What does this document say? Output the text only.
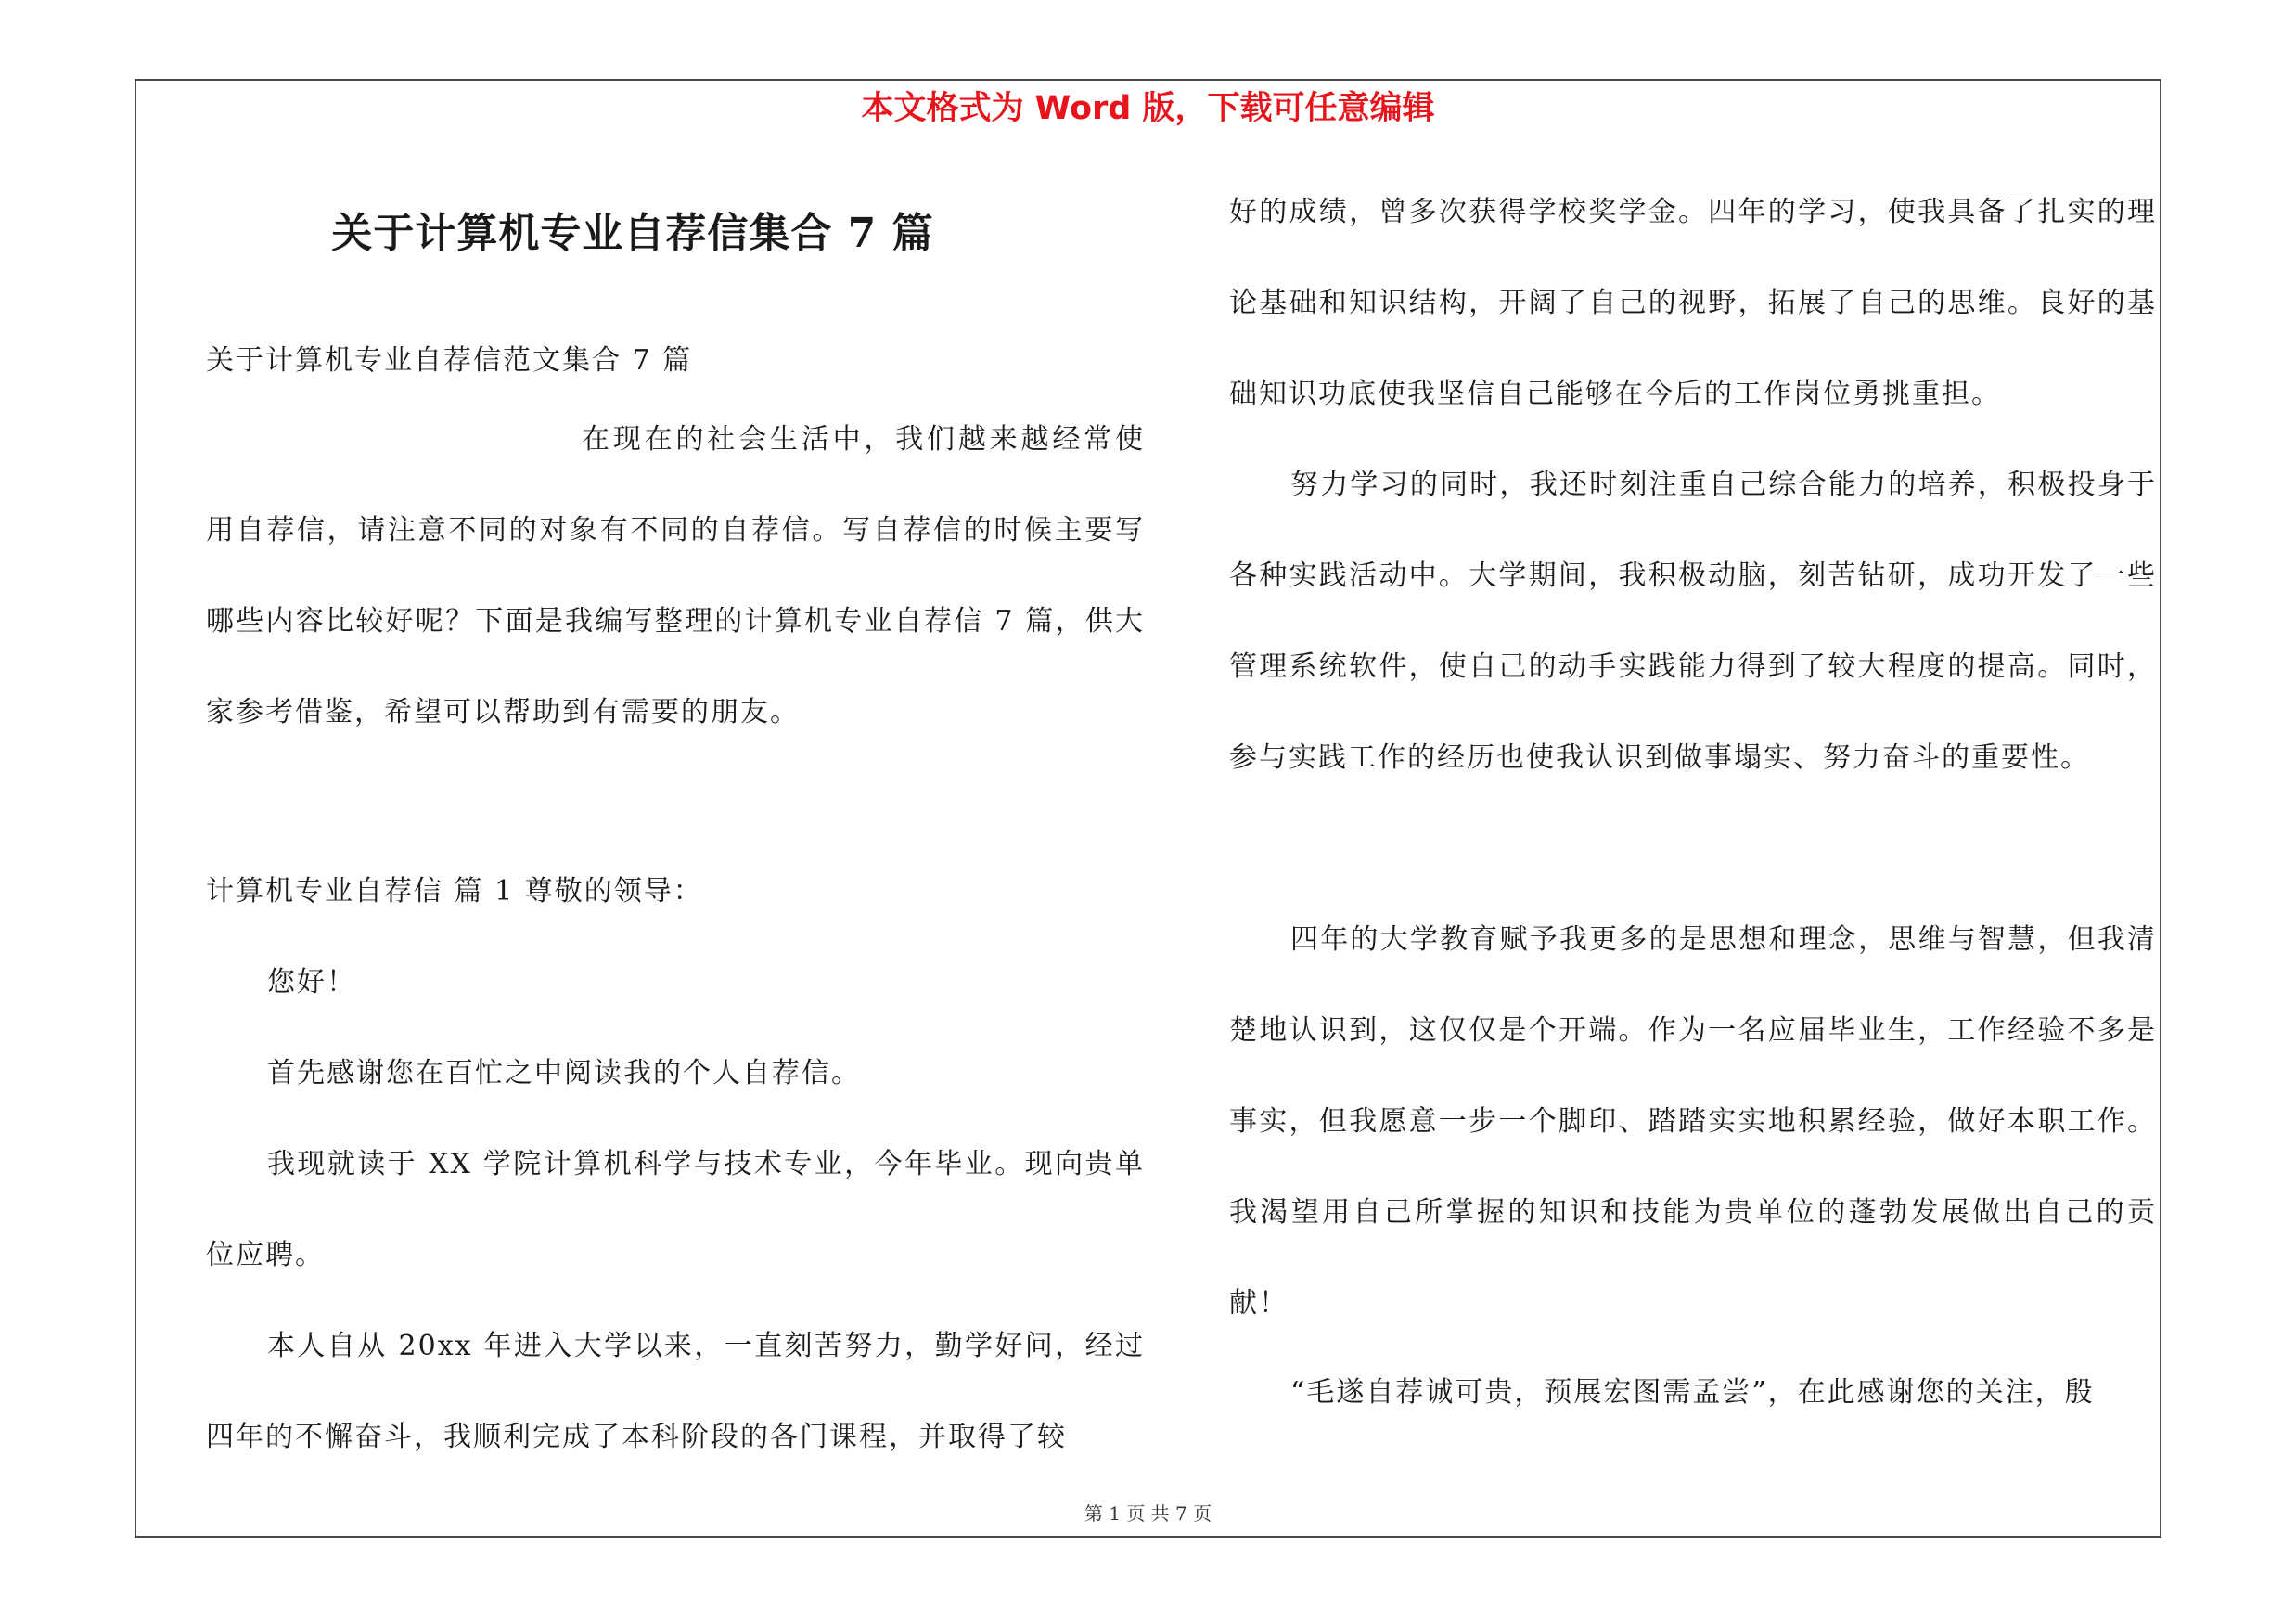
本文格式为 Word 版，下载可任意编辑
关于计算机专业自荐信集合 7 篇

关于计算机专业自荐信范文集合 7 篇

在现在的社会生活中，我们越来越经常使用自荐信，请注意不同的对象有不同的自荐信。写自荐信的时候主要写哪些内容比较好呢？下面是我编写整理的计算机专业自荐信 7 篇，供大家参考借鉴，希望可以帮助到有需要的朋友。

计算机专业自荐信 篇 1 尊敬的领导：

您好！

首先感谢您在百忙之中阅读我的个人自荐信。

我现就读于 XX 学院计算机科学与技术专业，今年毕业。现向贵单位应聘。

本人自从 20xx 年进入大学以来，一直刻苦努力，勤学好问，经过四年的不懈奋斗，我顺利完成了本科阶段的各门课程，并取得了较

好的成绩，曾多次获得学校奖学金。四年的学习，使我具备了扎实的理论基础和知识结构，开阔了自己的视野，拓展了自己的思维。良好的基础知识功底使我坚信自己能够在今后的工作岗位勇挑重担。

努力学习的同时，我还时刻注重自己综合能力的培养，积极投身于各种实践活动中。大学期间，我积极动脑，刻苦钻研，成功开发了一些管理系统软件，使自己的动手实践能力得到了较大程度的提高。同时，参与实践工作的经历也使我认识到做事塌实、努力奋斗的重要性。

四年的大学教育赋予我更多的是思想和理念，思维与智慧，但我清楚地认识到，这仅仅是个开端。作为一名应届毕业生，工作经验不多是事实，但我愿意一步一个脚印、踏踏实实地积累经验，做好本职工作。我渴望用自己所掌握的知识和技能为贵单位的蓬勃发展做出自己的贡献！

“毛遂自荐诚可贵，预展宏图需孟尝”，在此感谢您的关注，殷

第 1 页 共 7 页
